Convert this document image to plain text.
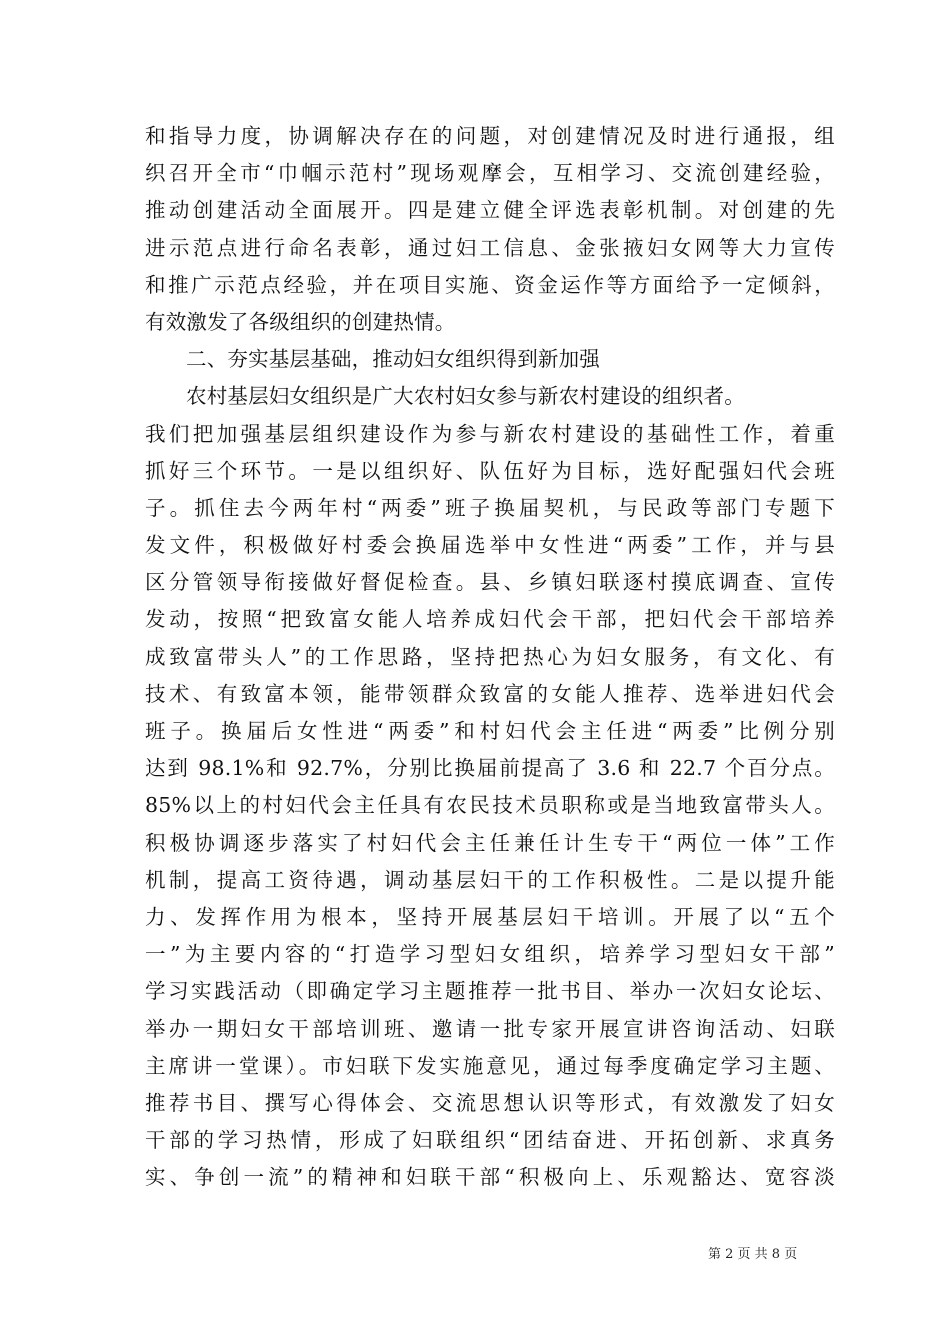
和指导力度，协调解决存在的问题，对创建情况及时进行通报，组
织召开全市“巾帼示范村”现场观摩会，互相学习、交流创建经验，
推动创建活动全面展开。四是建立健全评选表彰机制。对创建的先
进示范点进行命名表彰，通过妇工信息、金张掖妇女网等大力宣传
和推广示范点经验，并在项目实施、资金运作等方面给予一定倾斜，
有效激发了各级组织的创建热情。
二、夯实基层基础，推动妇女组织得到新加强
农村基层妇女组织是广大农村妇女参与新农村建设的组织者。
我们把加强基层组织建设作为参与新农村建设的基础性工作，着重
抓好三个环节。一是以组织好、队伍好为目标，选好配强妇代会班
子。抓住去今两年村“两委”班子换届契机，与民政等部门专题下
发文件，积极做好村委会换届选举中女性进“两委”工作，并与县
区分管领导衔接做好督促检查。县、乡镇妇联逐村摸底调查、宣传
发动，按照“把致富女能人培养成妇代会干部，把妇代会干部培养
成致富带头人”的工作思路，坚持把热心为妇女服务，有文化、有
技术、有致富本领，能带领群众致富的女能人推荐、选举进妇代会
班子。换届后女性进“两委”和村妇代会主任进“两委”比例分别
达到 98.1%和 92.7%，分别比换届前提高了 3.6 和 22.7 个百分点。
85%以上的村妇代会主任具有农民技术员职称或是当地致富带头人。
积极协调逐步落实了村妇代会主任兼任计生专干“两位一体”工作
机制，提高工资待遇，调动基层妇干的工作积极性。二是以提升能
力、发挥作用为根本，坚持开展基层妇干培训。开展了以“五个
一”为主要内容的“打造学习型妇女组织，培养学习型妇女干部”
学习实践活动（即确定学习主题推荐一批书目、举办一次妇女论坛、
举办一期妇女干部培训班、邀请一批专家开展宣讲咨询活动、妇联
主席讲一堂课）。市妇联下发实施意见，通过每季度确定学习主题、
推荐书目、撰写心得体会、交流思想认识等形式，有效激发了妇女
干部的学习热情，形成了妇联组织“团结奋进、开拓创新、求真务
实、争创一流”的精神和妇联干部“积极向上、乐观豁达、宽容淡
第 2 页 共 8 页
